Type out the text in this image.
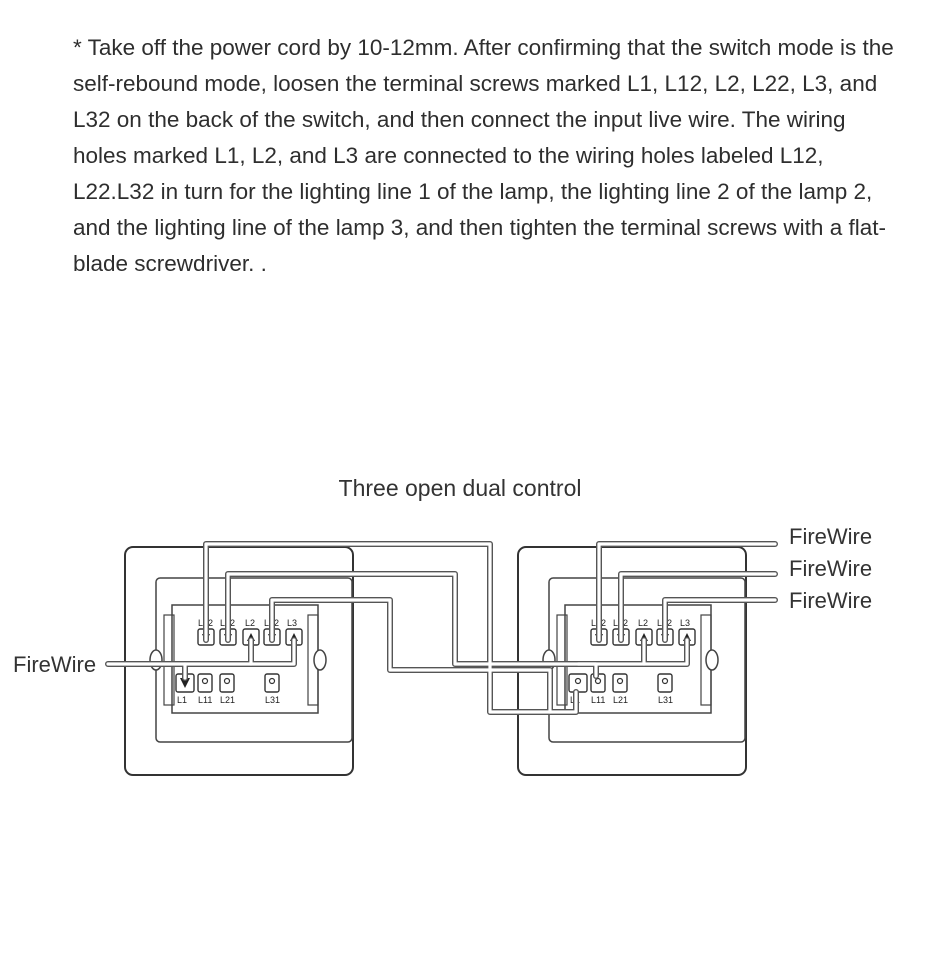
* Take off the power cord by 10-12mm. After confirming that the switch mode is the self-rebound mode, loosen the terminal screws marked L1, L12, L2, L22, L3, and L32 on the back of the switch, and then connect the input live wire. The wiring holes marked L1, L2, and L3 are connected to the wiring holes labeled L12, L22.L32 in turn for the lighting line 1 of the lamp, the lighting line 2 of the lamp 2, and the lighting line of the lamp 3, and then tighten the terminal screws with a flat-blade screwdriver. .

Three open dual control
FireWire
FireWire
FireWire
FireWire
L12 L22 L2 L32 L3
L1 L11 L21	L31
L12 L22 L2 L32 L3
L1 L11 L21	L31
